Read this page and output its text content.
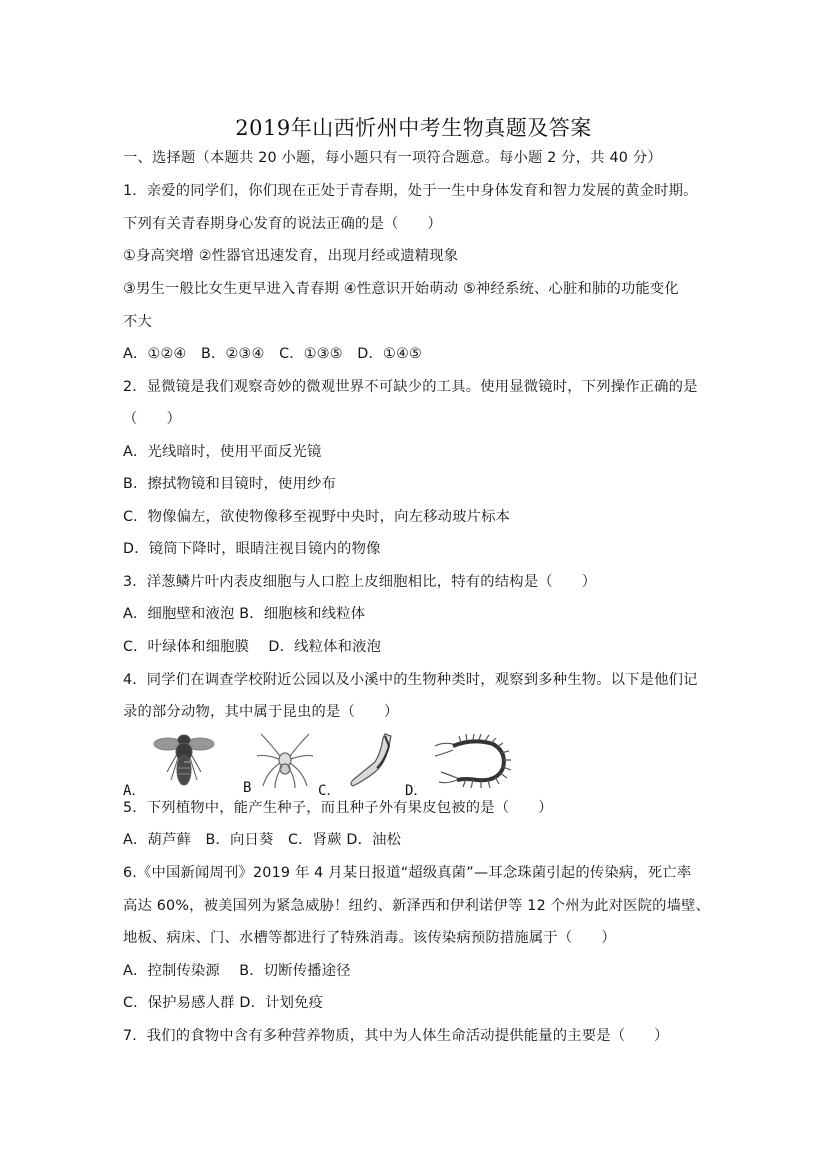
2019年山西忻州中考生物真题及答案
一、选择题（本题共 20 小题，每小题只有一项符合题意。每小题 2 分，共 40 分）
1．亲爱的同学们，你们现在正处于青春期，处于一生中身体发育和智力发展的黄金时期。
下列有关青春期身心发育的说法正确的是（　　）
①身高突增 ②性器官迅速发育，出现月经或遗精现象
③男生一般比女生更早进入青春期 ④性意识开始萌动 ⑤神经系统、心脏和肺的功能变化
不大
A．①②④　B．②③④　C．①③⑤　D．①④⑤
2．显微镜是我们观察奇妙的微观世界不可缺少的工具。使用显微镜时，下列操作正确的是
（　　）
A．光线暗时，使用平面反光镜
B．擦拭物镜和目镜时，使用纱布
C．物像偏左，欲使物像移至视野中央时，向左移动玻片标本
D．镜筒下降时，眼睛注视目镜内的物像
3．洋葱鳞片叶内表皮细胞与人口腔上皮细胞相比，特有的结构是（　　）
A．细胞壁和液泡 B．细胞核和线粒体
C．叶绿体和细胞膜　 D．线粒体和液泡
4．同学们在调查学校附近公园以及小溪中的生物种类时，观察到多种生物。以下是他们记
录的部分动物，其中属于昆虫的是（　　）
A．	B	C．	D．
5．下列植物中，能产生种子，而且种子外有果皮包被的是（　　）
A．葫芦藓　B．向日葵　C．肾蕨 D．油松
6.《中国新闻周刊》2019 年 4 月某日报道“超级真菌”—耳念珠菌引起的传染病，死亡率
高达 60%，被美国列为紧急威胁！纽约、新泽西和伊利诺伊等 12 个州为此对医院的墙壁、
地板、病床、门、水槽等都进行了特殊消毒。该传染病预防措施属于（　　）
A．控制传染源　 B．切断传播途径
C．保护易感人群 D．计划免疫
7．我们的食物中含有多种营养物质，其中为人体生命活动提供能量的主要是（　　）
